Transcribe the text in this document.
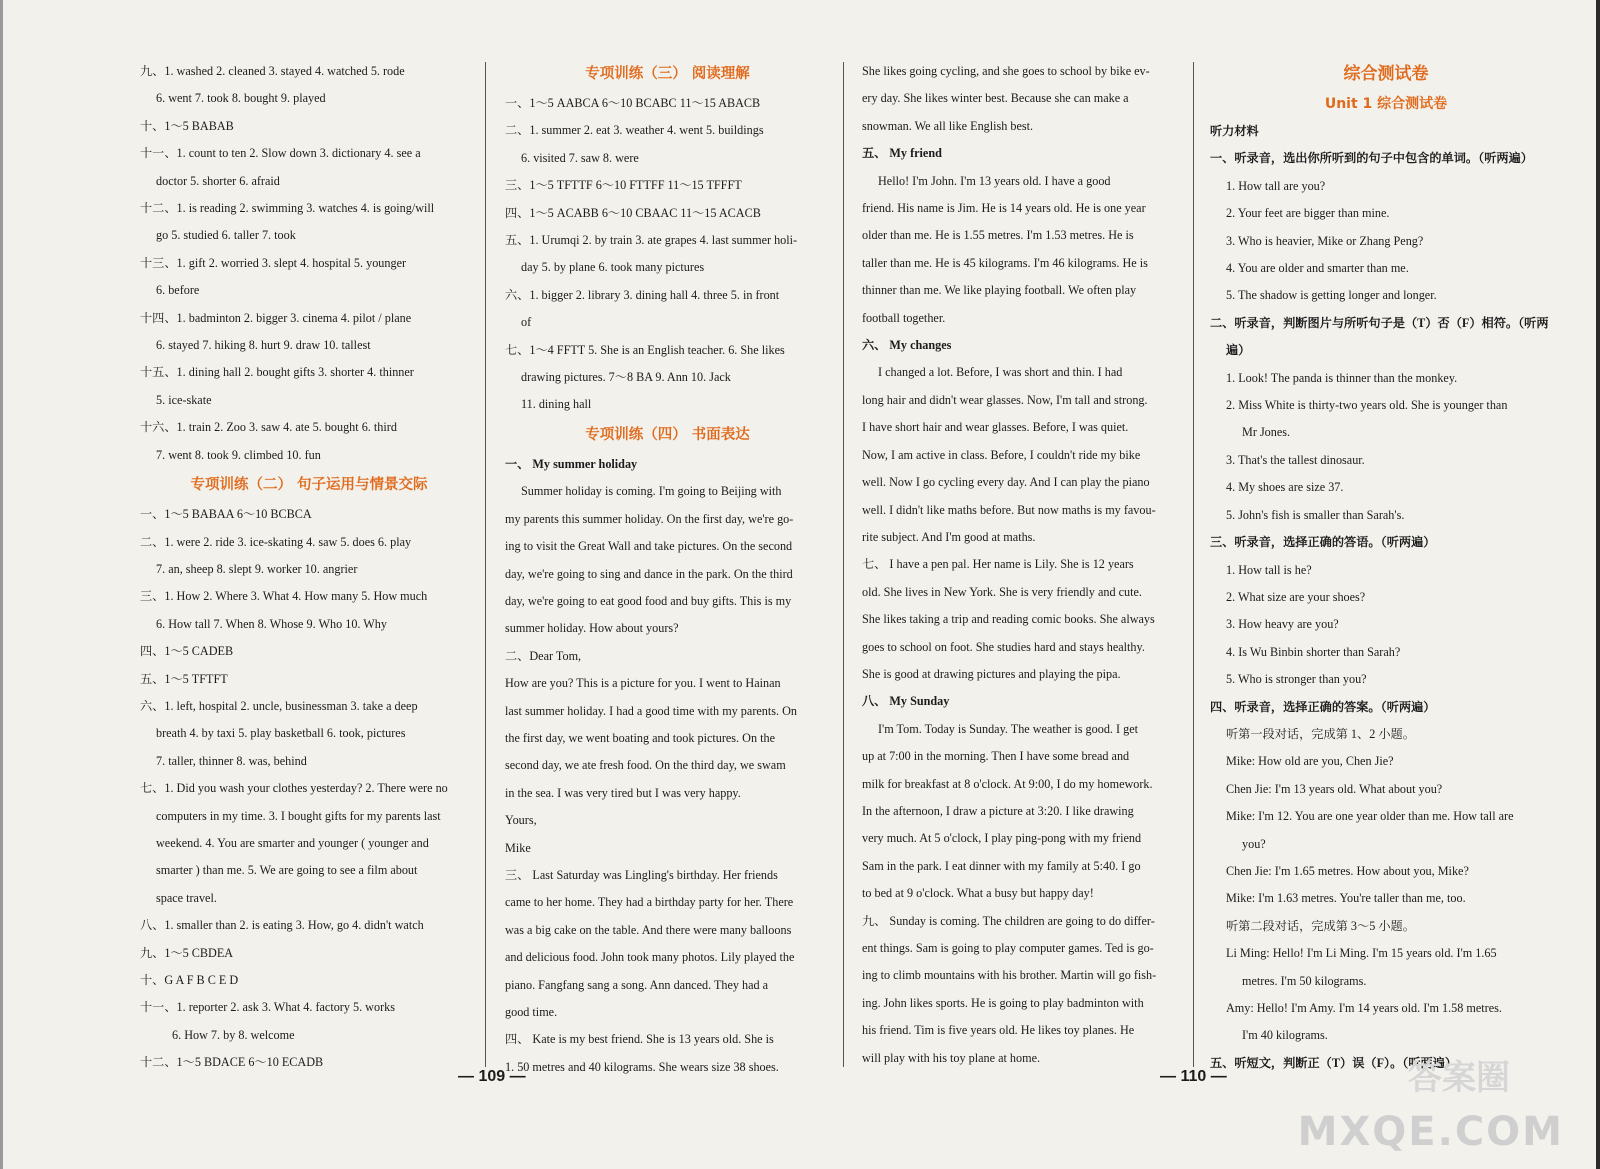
九、1. washed 2. cleaned 3. stayed 4. watched 5. rode
6. went 7. took 8. bought 9. played
十、1～5 BABAB
十一、1. count to ten 2. Slow down 3. dictionary 4. see a
doctor 5. shorter 6. afraid
十二、1. is reading 2. swimming 3. watches 4. is going/will
go 5. studied 6. taller 7. took
十三、1. gift 2. worried 3. slept 4. hospital 5. younger
6. before
十四、1. badminton 2. bigger 3. cinema 4. pilot / plane
6. stayed 7. hiking 8. hurt 9. draw 10. tallest
十五、1. dining hall 2. bought gifts 3. shorter 4. thinner
5. ice-skate
十六、1. train 2. Zoo 3. saw 4. ate 5. bought 6. third
7. went 8. took 9. climbed 10. fun
专项训练（二） 句子运用与情景交际
一、1～5 BABAA 6～10 BCBCA
二、1. were 2. ride 3. ice-skating 4. saw 5. does 6. play
7. an, sheep 8. slept 9. worker 10. angrier
三、1. How 2. Where 3. What 4. How many 5. How much
6. How tall 7. When 8. Whose 9. Who 10. Why
四、1～5 CADEB
五、1～5 TFTFT
六、1. left, hospital 2. uncle, businessman 3. take a deep
breath 4. by taxi 5. play basketball 6. took, pictures
7. taller, thinner 8. was, behind
七、1. Did you wash your clothes yesterday? 2. There were no
computers in my time. 3. I bought gifts for my parents last
weekend. 4. You are smarter and younger ( younger and
smarter ) than me. 5. We are going to see a film about
space travel.
八、1. smaller than 2. is eating 3. How, go 4. didn't watch
九、1～5 CBDEA
十、G A F B C E D
十一、1. reporter 2. ask 3. What 4. factory 5. works
6. How 7. by 8. welcome
十二、1～5 BDACE 6～10 ECADB
专项训练（三） 阅读理解
一、1～5 AABCA 6～10 BCABC 11～15 ABACB
二、1. summer 2. eat 3. weather 4. went 5. buildings
6. visited 7. saw 8. were
三、1～5 TFTTF 6～10 FTTFF 11～15 TFFFT
四、1～5 ACABB 6～10 CBAAC 11～15 ACACB
五、1. Urumqi 2. by train 3. ate grapes 4. last summer holi-
day 5. by plane 6. took many pictures
六、1. bigger 2. library 3. dining hall 4. three 5. in front
of
七、1～4 FFTT 5. She is an English teacher. 6. She likes
drawing pictures. 7～8 BA 9. Ann 10. Jack
11. dining hall
专项训练（四） 书面表达
一、 My summer holiday
Summer holiday is coming. I'm going to Beijing with
my parents this summer holiday. On the first day, we're go-
ing to visit the Great Wall and take pictures. On the second
day, we're going to sing and dance in the park. On the third
day, we're going to eat good food and buy gifts. This is my
summer holiday. How about yours?
二、Dear Tom,
How are you? This is a picture for you. I went to Hainan
last summer holiday. I had a good time with my parents. On
the first day, we went boating and took pictures. On the
second day, we ate fresh food. On the third day, we swam
in the sea. I was very tired but I was very happy.
Yours,
Mike
三、 Last Saturday was Lingling's birthday. Her friends
came to her home. They had a birthday party for her. There
was a big cake on the table. And there were many balloons
and delicious food. John took many photos. Lily played the
piano. Fangfang sang a song. Ann danced. They had a
good time.
四、 Kate is my best friend. She is 13 years old. She is
1. 50 metres and 40 kilograms. She wears size 38 shoes.
She likes going cycling, and she goes to school by bike ev-
ery day. She likes winter best. Because she can make a
snowman. We all like English best.
五、 My friend
Hello! I'm John. I'm 13 years old. I have a good
friend. His name is Jim. He is 14 years old. He is one year
older than me. He is 1.55 metres. I'm 1.53 metres. He is
taller than me. He is 45 kilograms. I'm 46 kilograms. He is
thinner than me. We like playing football. We often play
football together.
六、 My changes
I changed a lot. Before, I was short and thin. I had
long hair and didn't wear glasses. Now, I'm tall and strong.
I have short hair and wear glasses. Before, I was quiet.
Now, I am active in class. Before, I couldn't ride my bike
well. Now I go cycling every day. And I can play the piano
well. I didn't like maths before. But now maths is my favou-
rite subject. And I'm good at maths.
七、 I have a pen pal. Her name is Lily. She is 12 years
old. She lives in New York. She is very friendly and cute.
She likes taking a trip and reading comic books. She always
goes to school on foot. She studies hard and stays healthy.
She is good at drawing pictures and playing the pipa.
八、 My Sunday
I'm Tom. Today is Sunday. The weather is good. I get
up at 7:00 in the morning. Then I have some bread and
milk for breakfast at 8 o'clock. At 9:00, I do my homework.
In the afternoon, I draw a picture at 3:20. I like drawing
very much. At 5 o'clock, I play ping-pong with my friend
Sam in the park. I eat dinner with my family at 5:40. I go
to bed at 9 o'clock. What a busy but happy day!
九、 Sunday is coming. The children are going to do differ-
ent things. Sam is going to play computer games. Ted is go-
ing to climb mountains with his brother. Martin will go fish-
ing. John likes sports. He is going to play badminton with
his friend. Tim is five years old. He likes toy planes. He
will play with his toy plane at home.
综合测试卷
Unit 1 综合测试卷
听力材料
一、听录音，选出你所听到的句子中包含的单词。（听两遍）
1. How tall are you?
2. Your feet are bigger than mine.
3. Who is heavier, Mike or Zhang Peng?
4. You are older and smarter than me.
5. The shadow is getting longer and longer.
二、听录音，判断图片与所听句子是（T）否（F）相符。（听两
遍）
1. Look! The panda is thinner than the monkey.
2. Miss White is thirty-two years old. She is younger than
Mr Jones.
3. That's the tallest dinosaur.
4. My shoes are size 37.
5. John's fish is smaller than Sarah's.
三、听录音，选择正确的答语。（听两遍）
1. How tall is he?
2. What size are your shoes?
3. How heavy are you?
4. Is Wu Binbin shorter than Sarah?
5. Who is stronger than you?
四、听录音，选择正确的答案。（听两遍）
听第一段对话，完成第 1、2 小题。
Mike: How old are you, Chen Jie?
Chen Jie: I'm 13 years old. What about you?
Mike: I'm 12. You are one year older than me. How tall are
you?
Chen Jie: I'm 1.65 metres. How about you, Mike?
Mike: I'm 1.63 metres. You're taller than me, too.
听第二段对话，完成第 3～5 小题。
Li Ming: Hello! I'm Li Ming. I'm 15 years old. I'm 1.65
metres. I'm 50 kilograms.
Amy: Hello! I'm Amy. I'm 14 years old. I'm 1.58 metres.
I'm 40 kilograms.
五、听短文，判断正（T）误（F）。（听两遍）
— 109 —	— 110 —	答案圈
MXQE.COM
